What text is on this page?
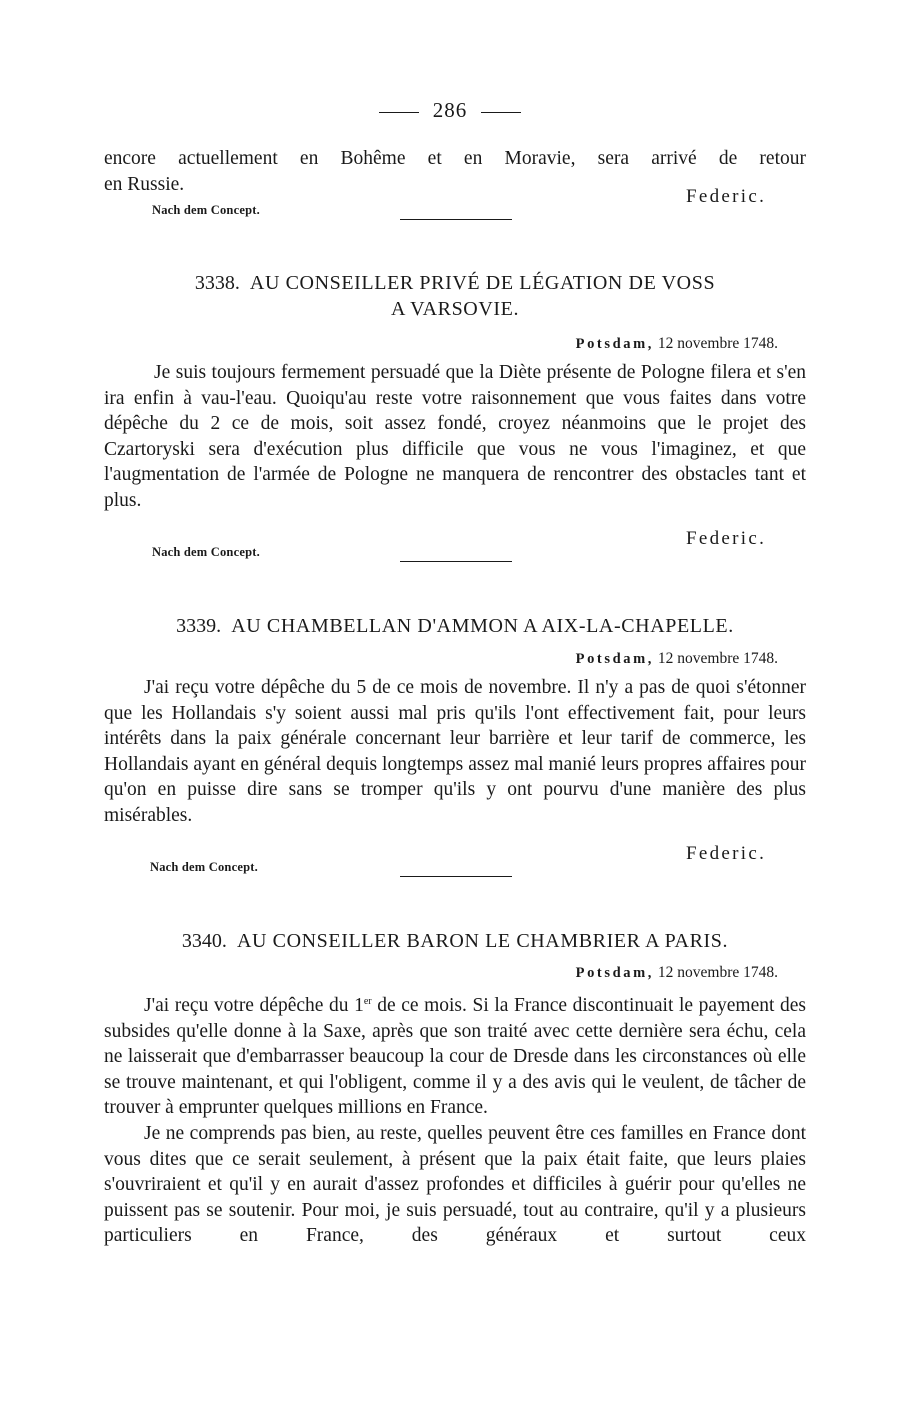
286

encore actuellement en Bohême et en Moravie, sera arrivé de retour

en Russie.

Nach dem Concept.
Federic.
3338. AU CONSEILLER PRIVÉ DE LÉGATION DE VOSS
A VARSOVIE.
Potsdam, 12 novembre 1748.

Je suis toujours fermement persuadé que la Diète présente de Pologne filera et s'en ira enfin à vau-l'eau. Quoiqu'au reste votre raisonnement que vous faites dans votre dépêche du 2 ce de mois, soit assez fondé, croyez néanmoins que le projet des Czartoryski sera d'exécution plus difficile que vous ne vous l'imaginez, et que l'augmentation de l'armée de Pologne ne manquera de rencontrer des obstacles tant et plus.

Nach dem Concept.
Federic.
3339. AU CHAMBELLAN D'AMMON A AIX-LA-CHAPELLE.
Potsdam, 12 novembre 1748.

J'ai reçu votre dépêche du 5 de ce mois de novembre. Il n'y a pas de quoi s'étonner que les Hollandais s'y soient aussi mal pris qu'ils l'ont effectivement fait, pour leurs intérêts dans la paix générale concernant leur barrière et leur tarif de commerce, les Hollandais ayant en général dequis longtemps assez mal manié leurs propres affaires pour qu'on en puisse dire sans se tromper qu'ils y ont pourvu d'une manière des plus misérables.

Nach dem Concept.
Federic.
3340. AU CONSEILLER BARON LE CHAMBRIER A PARIS.
Potsdam, 12 novembre 1748.

J'ai reçu votre dépêche du 1er de ce mois. Si la France discontinuait le payement des subsides qu'elle donne à la Saxe, après que son traité avec cette dernière sera échu, cela ne laisserait que d'embarrasser beaucoup la cour de Dresde dans les circonstances où elle se trouve maintenant, et qui l'obligent, comme il y a des avis qui le veulent, de tâcher de trouver à emprunter quelques millions en France.

Je ne comprends pas bien, au reste, quelles peuvent être ces familles en France dont vous dites que ce serait seulement, à présent que la paix était faite, que leurs plaies s'ouvriraient et qu'il y en aurait d'assez profondes et difficiles à guérir pour qu'elles ne puissent pas se soutenir. Pour moi, je suis persuadé, tout au contraire, qu'il y a plusieurs particuliers en France, des généraux et surtout ceux
